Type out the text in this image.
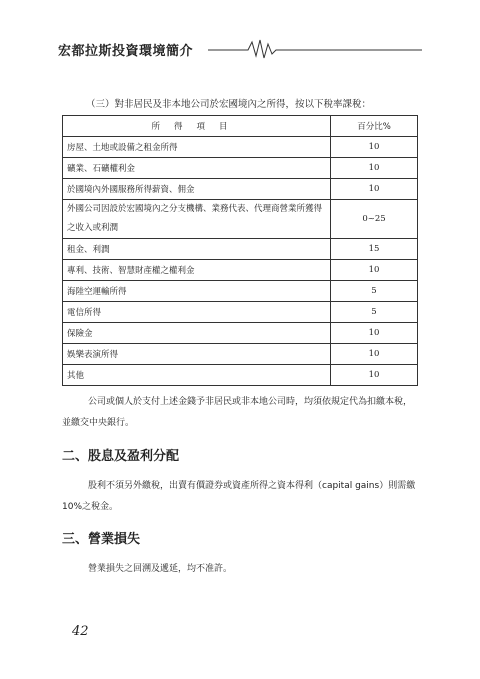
宏都拉斯投資環境簡介
（三）對非居民及非本地公司於宏國境內之所得，按以下稅率課稅：
所得項目	百分比%
房屋、土地或設備之租金所得	10
礦業、石礦權利金	10
於國境內外國服務所得薪資、佣金	10
外國公司因設於宏國境內之分支機構、業務代表、代理商營業所獲得之收入或利潤	0~25
租金、利潤	15
專利、技術、智慧財產權之權利金	10
海陸空運輸所得	5
電信所得	5
保險金	10
娛樂表演所得	10
其他	10
公司或個人於支付上述金錢予非居民或非本地公司時，均須依規定代為扣繳本稅，並繳交中央銀行。
二、股息及盈利分配
股利不須另外繳稅，出賣有價證券或資產所得之資本得利（capital gains）則需繳 10%之稅金。
三、營業損失
營業損失之回溯及遞延，均不准許。
42
